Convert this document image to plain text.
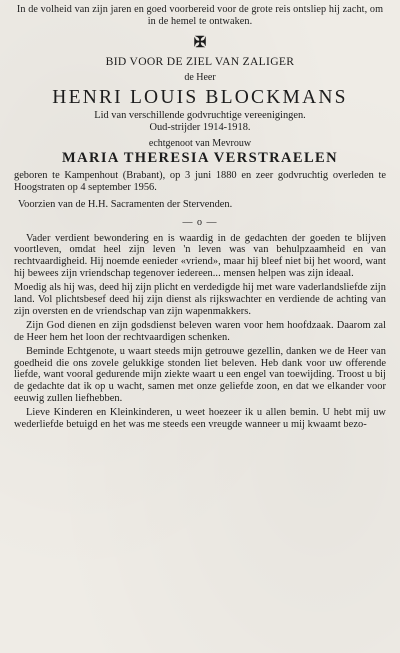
In de volheid van zijn jaren en goed voorbereid voor de grote reis ontsliep hij zacht, om in de hemel te ontwaken.

✠

BID VOOR DE ZIEL VAN ZALIGER

de Heer

HENRI LOUIS BLOCKMANS

Lid van verschillende godvruchtige vereenigingen.

Oud-strijder 1914-1918.

echtgenoot van Mevrouw

MARIA THERESIA VERSTRAELEN

geboren te Kampenhout (Brabant), op 3 juni 1880 en zeer godvruchtig overleden te Hoogstraten op 4 september 1956.

Voorzien van de H.H. Sacramenten der Stervenden.

— o —

Vader verdient bewondering en is waardig in de gedachten der goeden te blijven voortleven, omdat heel zijn leven 'n leven was van behulpzaamheid en van rechtvaardigheid. Hij noemde eenieder «vriend», maar hij bleef niet bij het woord, want hij bewees zijn vriendschap tegenover iedereen... mensen helpen was zijn ideaal.

Moedig als hij was, deed hij zijn plicht en verdedigde hij met ware vaderlandsliefde zijn land. Vol plichtsbesef deed hij zijn dienst als rijkswachter en verdiende de achting van zijn oversten en de vriendschap van zijn wapenmakkers.

Zijn God dienen en zijn godsdienst beleven waren voor hem hoofdzaak. Daarom zal de Heer hem het loon der rechtvaardigen schenken.

Beminde Echtgenote, u waart steeds mijn getrouwe gezellin, danken we de Heer van goedheid die ons zovele gelukkige stonden liet beleven. Heb dank voor uw offerende liefde, want vooral gedurende mijn ziekte waart u een engel van toewijding. Troost u bij de gedachte dat ik op u wacht, samen met onze geliefde zoon, en dat we elkander voor eeuwig zullen liefhebben.

Lieve Kinderen en Kleinkinderen, u weet hoezeer ik u allen bemin. U hebt mij uw wederliefde betuigd en het was me steeds een vreugde wanneer u mij kwaamt bezo-
